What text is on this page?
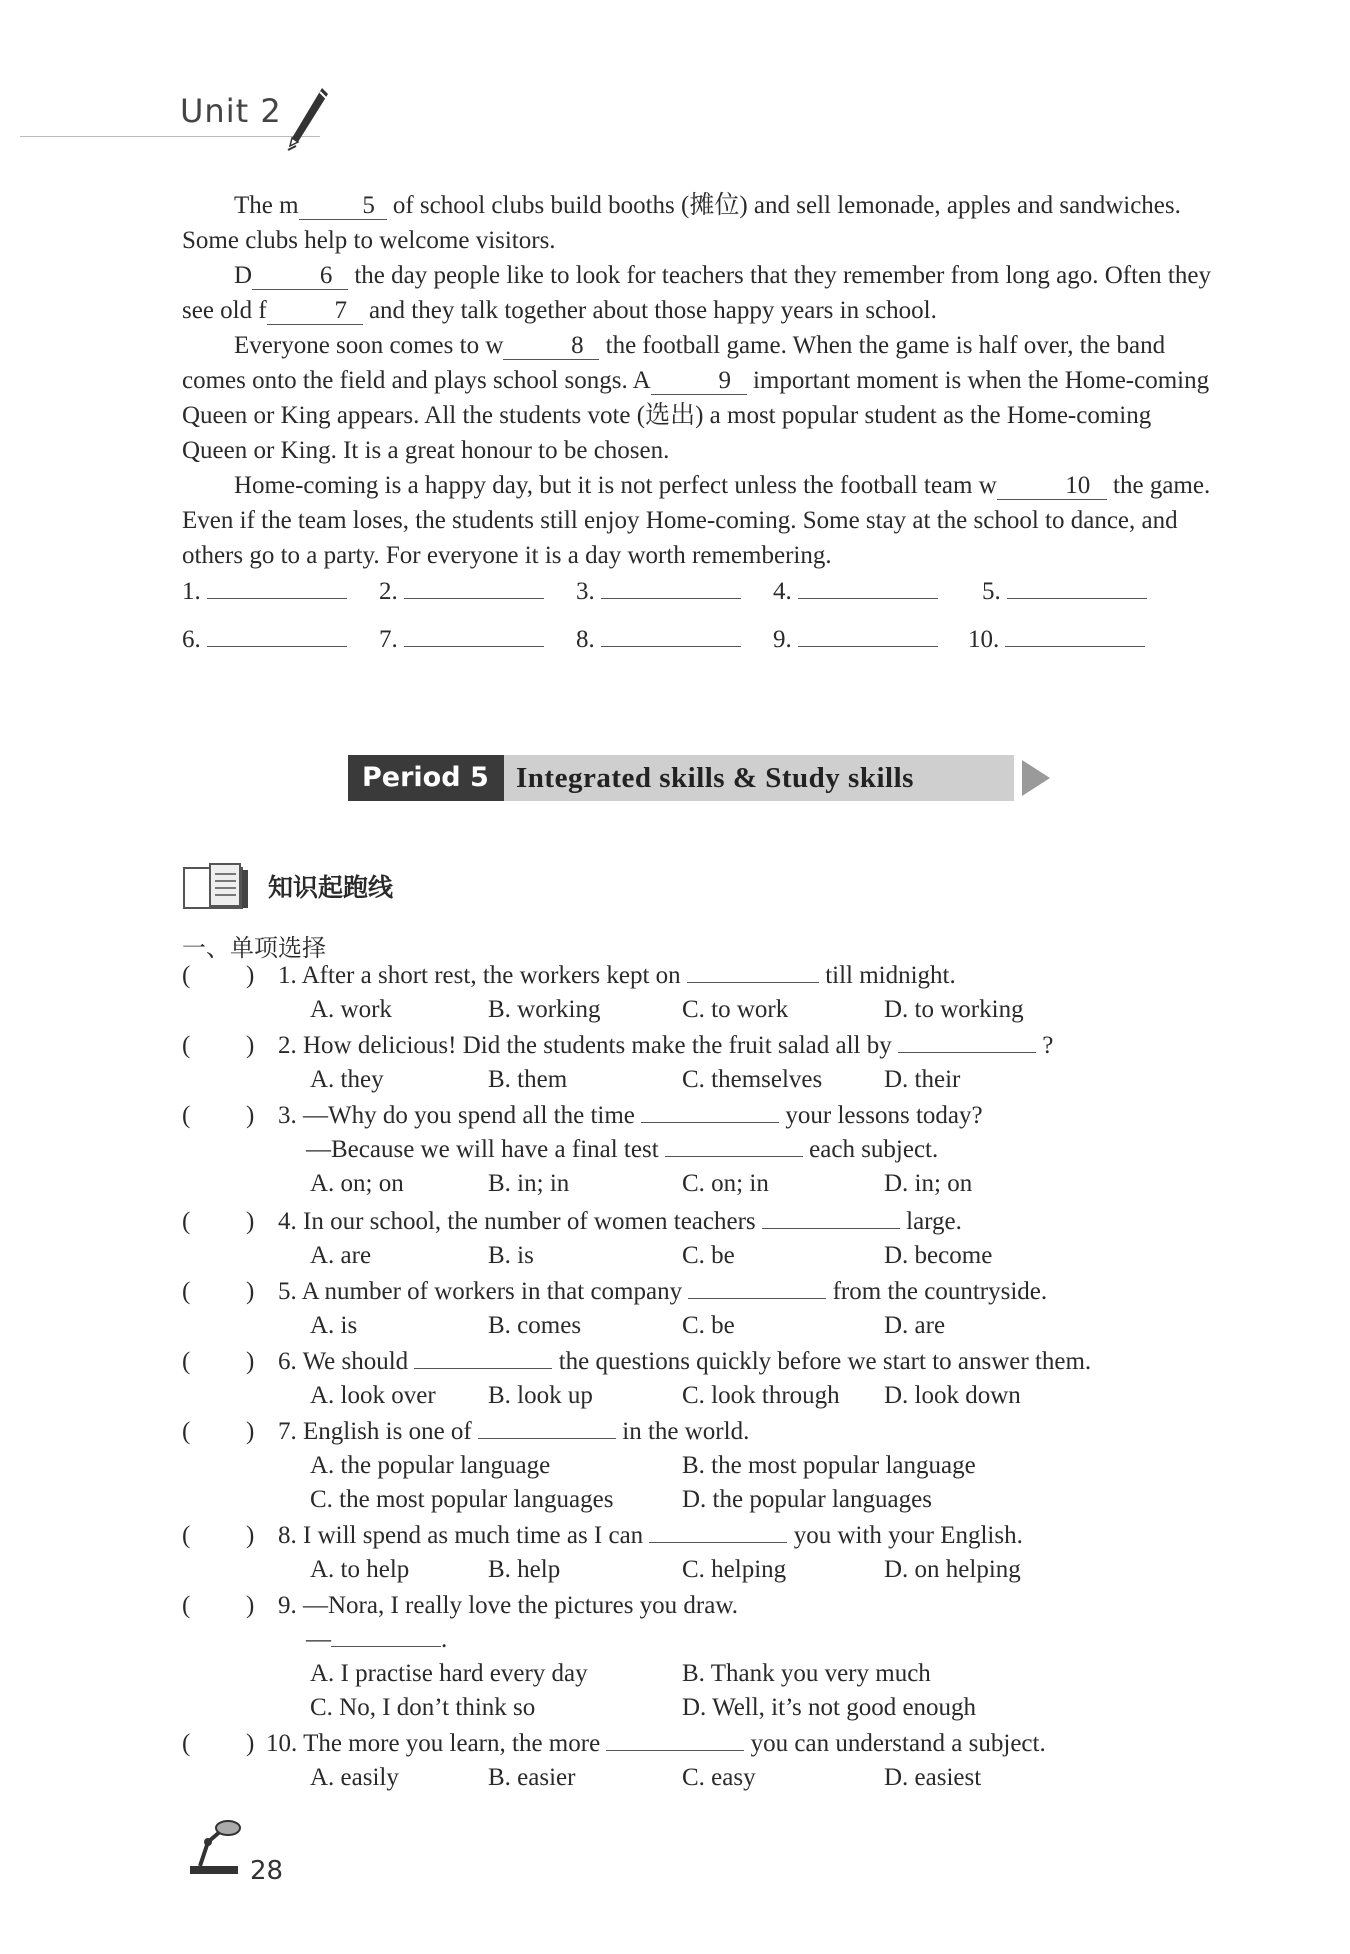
Unit 2

The m	5 of school clubs build booths (摊位) and sell lemonade, apples and sandwiches. Some clubs help to welcome visitors.

D	6 the day people like to look for teachers that they remember from long ago. Often they see old f	7 and they talk together about those happy years in school.

Everyone soon comes to w	8 the football game. When the game is half over, the band comes onto the field and plays school songs. A	9 important moment is when the Home-coming Queen or King appears. All the students vote (选出) a most popular student as the Home-coming Queen or King. It is a great honour to be chosen.

Home-coming is a happy day, but it is not perfect unless the football team w	10 the game. Even if the team loses, the students still enjoy Home-coming. Some stay at the school to dance, and others go to a party. For everyone it is a day worth remembering.

1.	2.	3.	4.	5.
6.	7.	8.	9.	10.
Period 5 Integrated skills & Study skills
知识起跑线
一、单项选择
( ) 1. After a short rest, the workers kept on	till midnight.
A. work	B. working	C. to work	D. to working
( ) 2. How delicious! Did the students make the fruit salad all by	?
A. they	B. them	C. themselves D. their
( ) 3. —Why do you spend all the time	your lessons today?
—Because we will have a final test	each subject.
A. on; on	B. in; in	C. on; in	D. in; on
( ) 4. In our school, the number of women teachers	large.
A. are	B. is	C. be	D. become
( ) 5. A number of workers in that company	from the countryside.
A. is	B. comes	C. be	D. are
( ) 6. We should	the questions quickly before we start to answer them.
A. look over B. look up	C. look through D. look down
( ) 7. English is one of	in the world.
A. the popular language	B. the most popular language
C. the most popular languages	D. the popular languages
( ) 8. I will spend as much time as I can	you with your English.
A. to help	B. help	C. helping	D. on helping
( ) 9. —Nora, I really love the pictures you draw.
—	.
A. I practise hard every day	B. Thank you very much
C. No, I don’t think so	D. Well, it’s not good enough
( ) 10. The more you learn, the more	you can understand a subject.
A. easily	B. easier	C. easy	D. easiest
28
